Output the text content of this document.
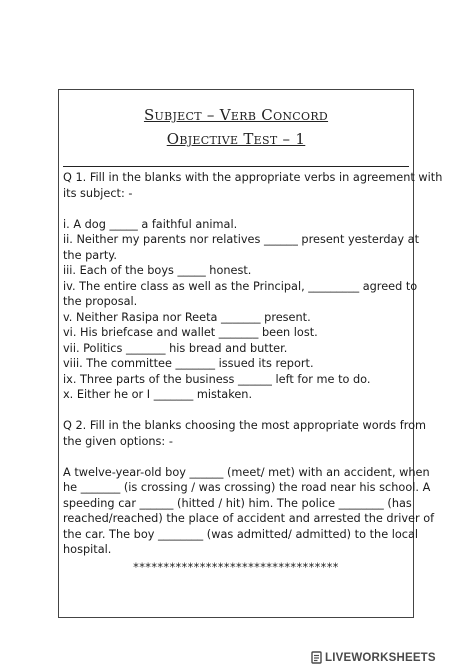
Subject – Verb Concord
Objective Test – 1
Q 1. Fill in the blanks with the appropriate verbs in agreement with
its subject: -
i. A dog _____ a faithful animal.
ii. Neither my parents nor relatives ______ present yesterday at
the party.
iii. Each of the boys _____ honest.
iv. The entire class as well as the Principal, _________ agreed to
the proposal.
v. Neither Rasipa nor Reeta _______ present.
vi. His briefcase and wallet _______ been lost.
vii. Politics _______ his bread and butter.
viii. The committee _______ issued its report.
ix. Three parts of the business ______ left for me to do.
x. Either he or I _______ mistaken.
Q 2. Fill in the blanks choosing the most appropriate words from
the given options: -
A twelve-year-old boy ______ (meet/ met) with an accident, when
he _______ (is crossing / was crossing) the road near his school. A
speeding car ______ (hitted / hit) him. The police ________ (has
reached/reached) the place of accident and arrested the driver of
the car. The boy ________ (was admitted/ admitted) to the local
hospital.
**********************************
LIVEWORKSHEETS
